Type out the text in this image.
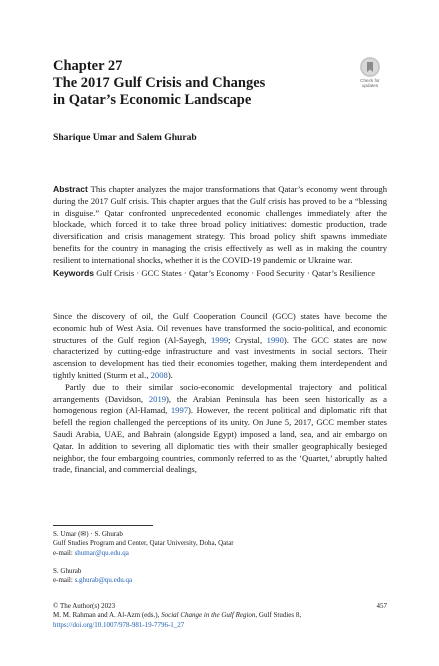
Chapter 27
The 2017 Gulf Crisis and Changes
in Qatar’s Economic Landscape
Check for
updates
Sharique Umar and Salem Ghurab
Abstract This chapter analyzes the major transformations that Qatar’s economy went through during the 2017 Gulf crisis. This chapter argues that the Gulf crisis has proved to be a “blessing in disguise.” Qatar confronted unprecedented economic challenges immediately after the blockade, which forced it to take three broad policy initiatives: domestic production, trade diversification and crisis management strategy. This broad policy shift spawns immediate benefits for the country in managing the crisis effectively as well as in making the country resilient to international shocks, whether it is the COVID-19 pandemic or Ukraine war.
Keywords Gulf Crisis · GCC States · Qatar’s Economy · Food Security · Qatar’s Resilience

Since the discovery of oil, the Gulf Cooperation Council (GCC) states have become the economic hub of West Asia. Oil revenues have transformed the socio-political, and economic structures of the Gulf region (Al-Sayegh, 1999; Crystal, 1990). The GCC states are now characterized by cutting-edge infrastructure and vast investments in social sectors. Their ascension to development has tied their economies together, making them interdependent and tightly knitted (Sturm et al., 2008).

Partly due to their similar socio-economic developmental trajectory and political arrangements (Davidson, 2019), the Arabian Peninsula has been seen historically as a homogenous region (Al-Hamad, 1997). However, the recent political and diplomatic rift that befell the region challenged the perceptions of its unity. On June 5, 2017, GCC member states Saudi Arabia, UAE, and Bahrain (alongside Egypt) imposed a land, sea, and air embargo on Qatar. In addition to severing all diplomatic ties with their smaller geographically besieged neighbor, the four embargoing countries, commonly referred to as the ‘Quartet,’ abruptly halted trade, financial, and commercial dealings,

S. Umar (✉) · S. Ghurab
Gulf Studies Program and Center, Qatar University, Doha, Qatar
e-mail: shumar@qu.edu.qa
S. Ghurab
e-mail: s.ghurab@qu.edu.qa
© The Author(s) 2023
M. M. Rahman and A. Al-Azm (eds.), Social Change in the Gulf Region, Gulf Studies 8,
https://doi.org/10.1007/978-981-19-7796-1_27
457
